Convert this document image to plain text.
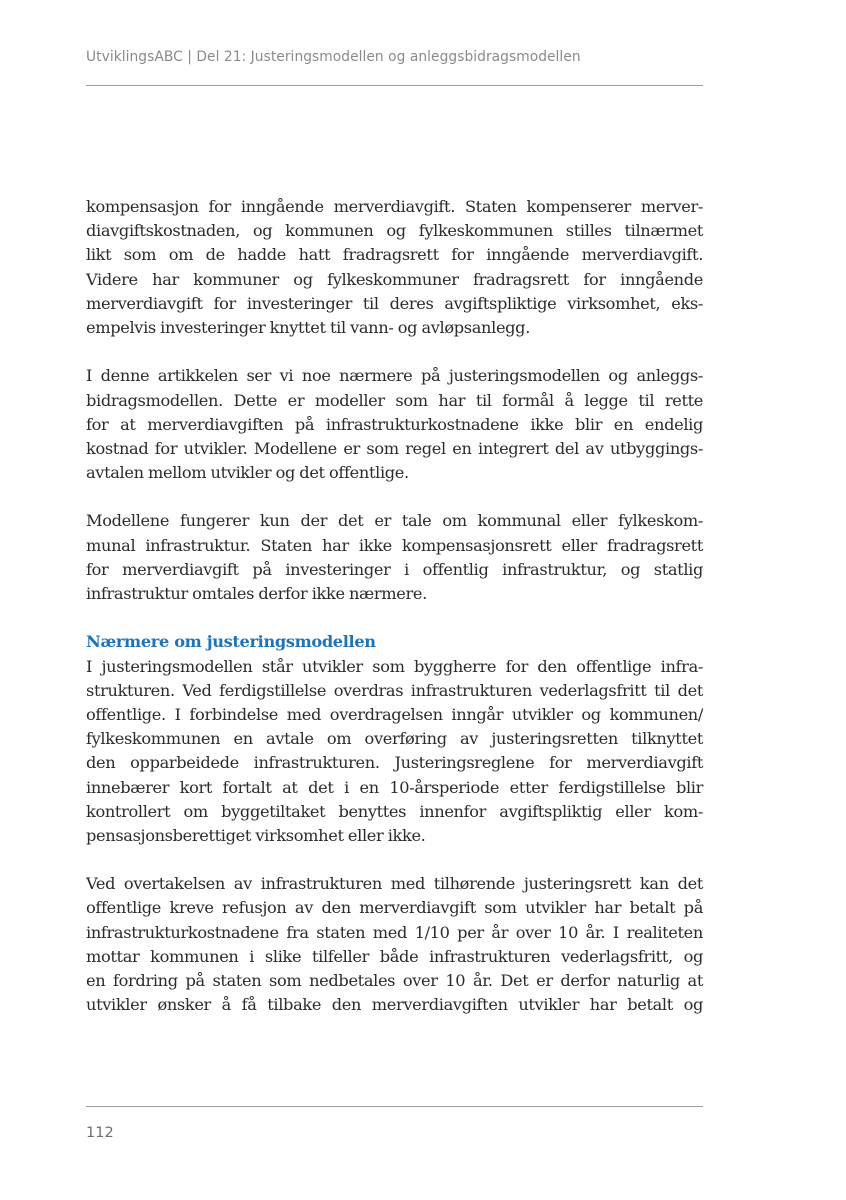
UtviklingsABC | Del 21: Justeringsmodellen og anleggsbidragsmodellen
kompensasjon for inngående merverdiavgift. Staten kompenserer merver-
diavgiftskostnaden, og kommunen og fylkeskommunen stilles tilnærmet
likt som om de hadde hatt fradragsrett for inngående merverdiavgift.
Videre har kommuner og fylkeskommuner fradragsrett for inngående
merverdiavgift for investeringer til deres avgiftspliktige virksomhet, eks-
empelvis investeringer knyttet til vann- og avløpsanlegg.
I denne artikkelen ser vi noe nærmere på justeringsmodellen og anleggs-
bidragsmodellen. Dette er modeller som har til formål å legge til rette
for at merverdiavgiften på infrastrukturkostnadene ikke blir en endelig
kostnad for utvikler. Modellene er som regel en integrert del av utbyggings-
avtalen mellom utvikler og det offentlige.
Modellene fungerer kun der det er tale om kommunal eller fylkeskom-
munal infrastruktur. Staten har ikke kompensasjonsrett eller fradragsrett
for merverdiavgift på investeringer i offentlig infrastruktur, og statlig
infrastruktur omtales derfor ikke nærmere.
Nærmere om justeringsmodellen
I justeringsmodellen står utvikler som byggherre for den offentlige infra-
strukturen. Ved ferdigstillelse overdras infrastrukturen vederlagsfritt til det
offentlige. I forbindelse med overdragelsen inngår utvikler og kommunen/
fylkeskommunen en avtale om overføring av justeringsretten tilknyttet
den opparbeidede infrastrukturen. Justeringsreglene for merverdiavgift
innebærer kort fortalt at det i en 10-årsperiode etter ferdigstillelse blir
kontrollert om byggetiltaket benyttes innenfor avgiftspliktig eller kom-
pensasjonsberettiget virksomhet eller ikke.
Ved overtakelsen av infrastrukturen med tilhørende justeringsrett kan det
offentlige kreve refusjon av den merverdiavgift som utvikler har betalt på
infrastrukturkostnadene fra staten med 1/10 per år over 10 år. I realiteten
mottar kommunen i slike tilfeller både infrastrukturen vederlagsfritt, og
en fordring på staten som nedbetales over 10 år. Det er derfor naturlig at
utvikler ønsker å få tilbake den merverdiavgiften utvikler har betalt og
112
